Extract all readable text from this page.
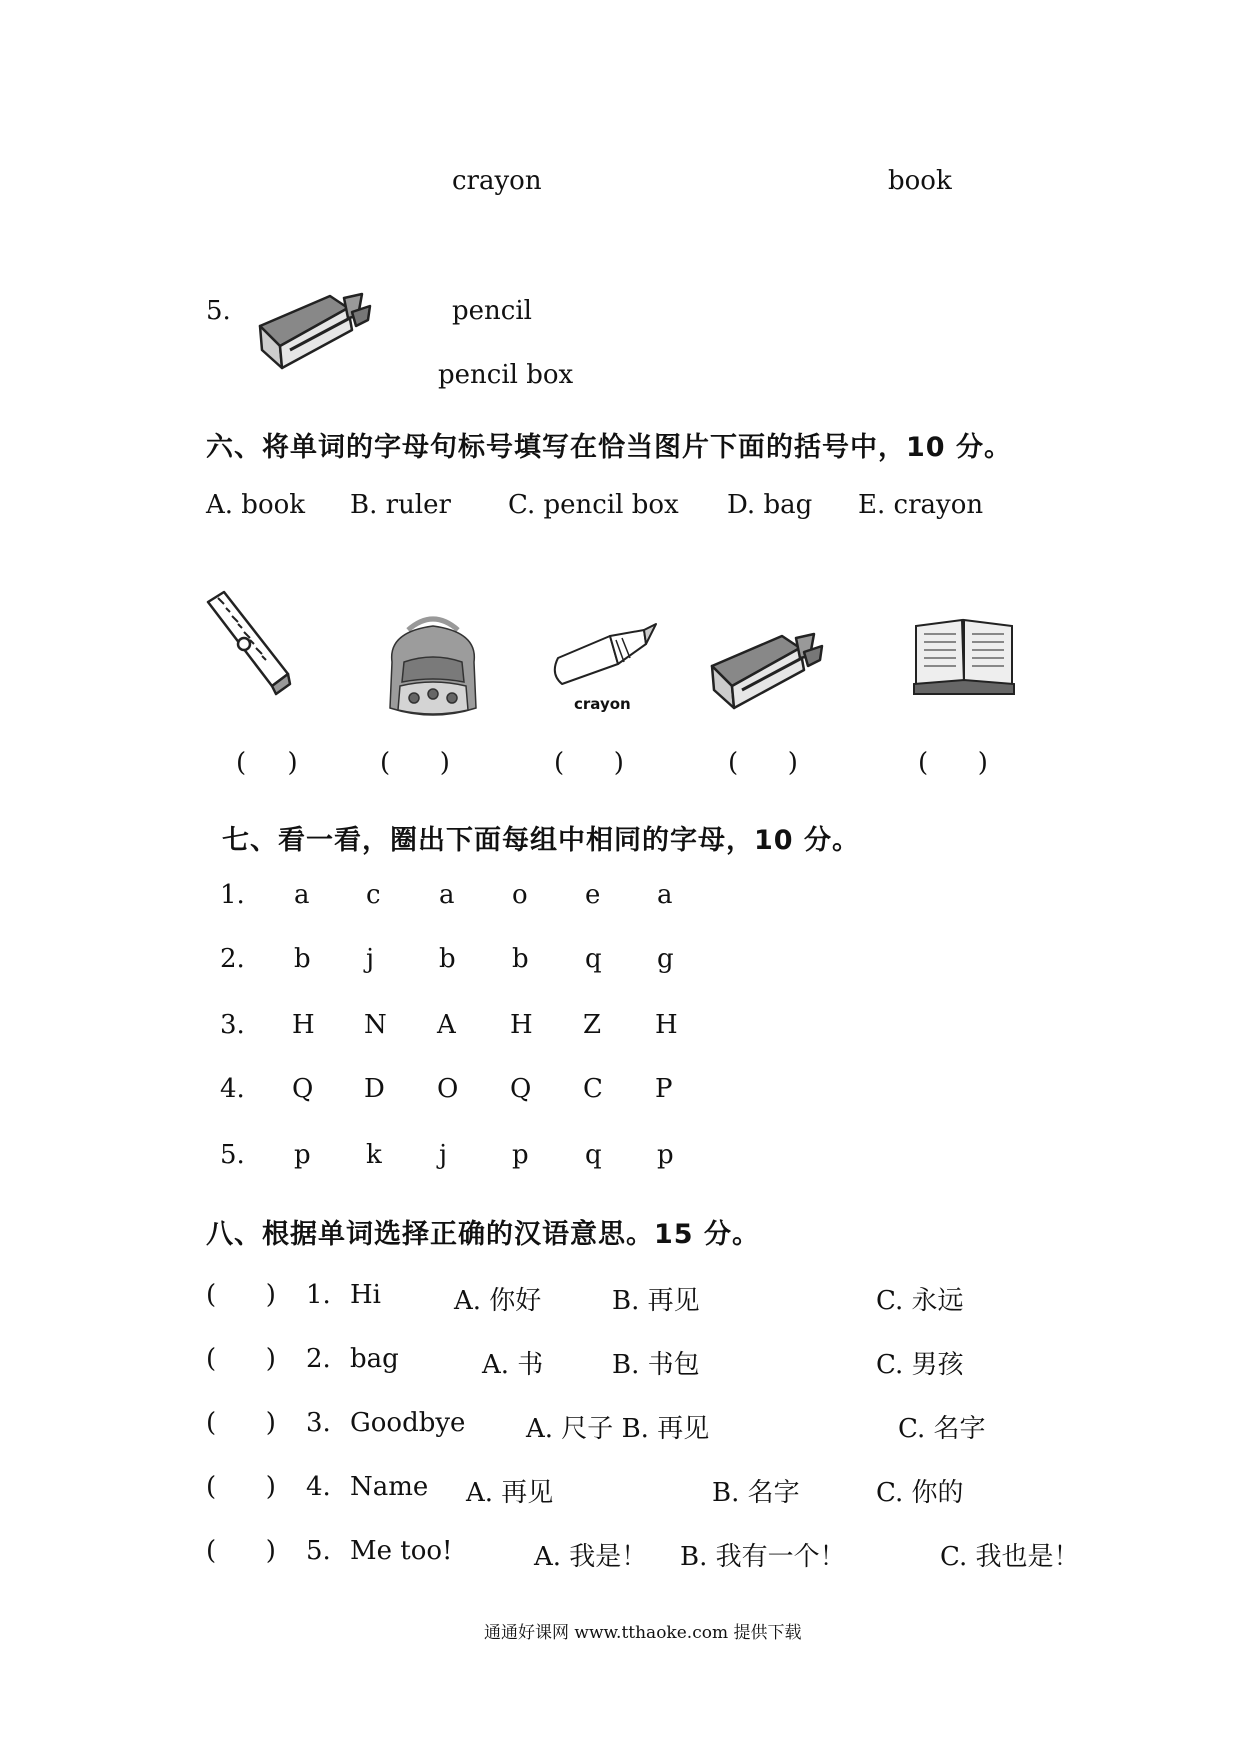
crayon	book
5.	pencil
pencil box
六、将单词的字母句标号填写在恰当图片下面的括号中，10 分。
A. book B. ruler C. pencil box D. bag E. crayon
crayon
(     )	(      )	(      )	(      )	(      )
七、看一看，圈出下面每组中相同的字母，10 分。
1. a c a o e a
2. b j b b q g
3. H N A H Z H
4. Q D O Q C P
5. p k j p q p
八、根据单词选择正确的汉语意思。15 分。
(      ) 1. Hi	A. 你好	B. 再见	C. 永远
(      ) 2. bag	A. 书	B. 书包	C. 男孩
(      ) 3. Goodbye A. 尺子 B. 再见	C. 名字
(      ) 4. Name A. 再见	B. 名字	C. 你的
(      ) 5. Me too!	A. 我是！ B. 我有一个！	C. 我也是！
通通好课网 www.tthaoke.com 提供下载
